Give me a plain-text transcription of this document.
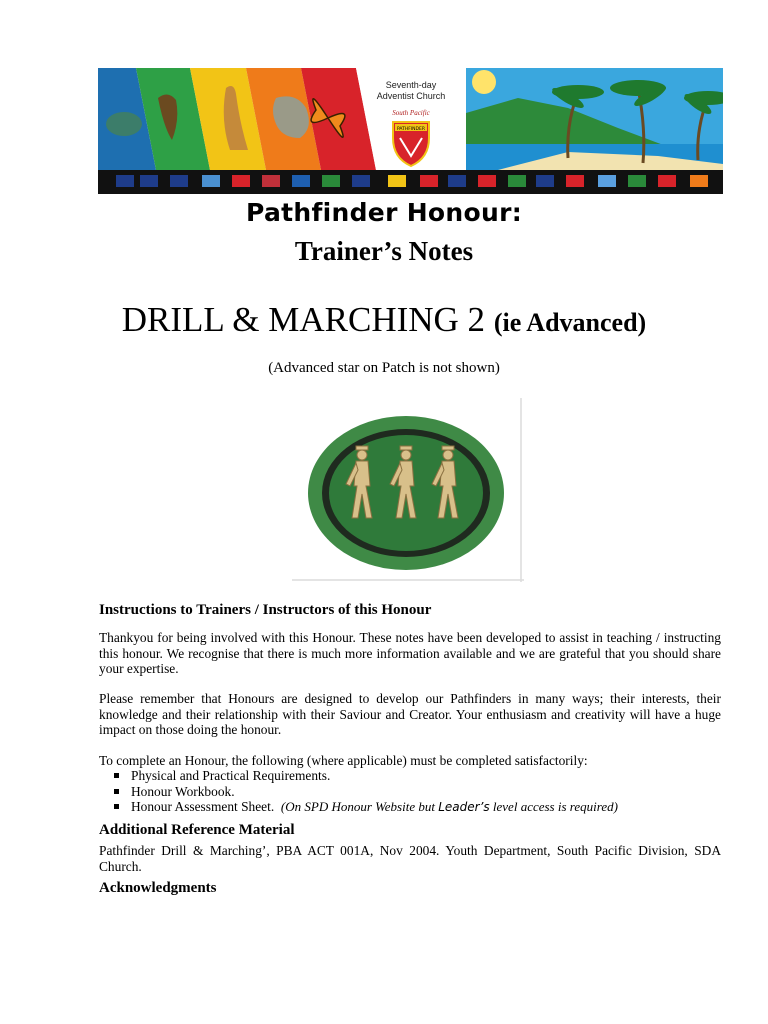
Seventh-day
Adventist Church
South Pacific
PATHFINDER
Pathfinder Honour:
Trainer’s Notes
DRILL & MARCHING 2 (ie Advanced)
(Advanced star on Patch is not shown)
Instructions to Trainers / Instructors of this Honour
Thankyou for being involved with this Honour. These notes have been developed to assist in teaching / instructing this honour. We recognise that there is much more information available and we are grateful that you should share your expertise.
Please remember that Honours are designed to develop our Pathfinders in many ways; their interests, their knowledge and their relationship with their Saviour and Creator. Your enthusiasm and creativity will have a huge impact on those doing the honour.
To complete an Honour, the following (where applicable) must be completed satisfactorily:
Physical and Practical Requirements.
Honour Workbook.
Honour Assessment Sheet. (On SPD Honour Website but Leader’s level access is required)
Additional Reference Material
Pathfinder Drill & Marching’, PBA ACT 001A, Nov 2004. Youth Department, South Pacific Division, SDA Church.
Acknowledgments
